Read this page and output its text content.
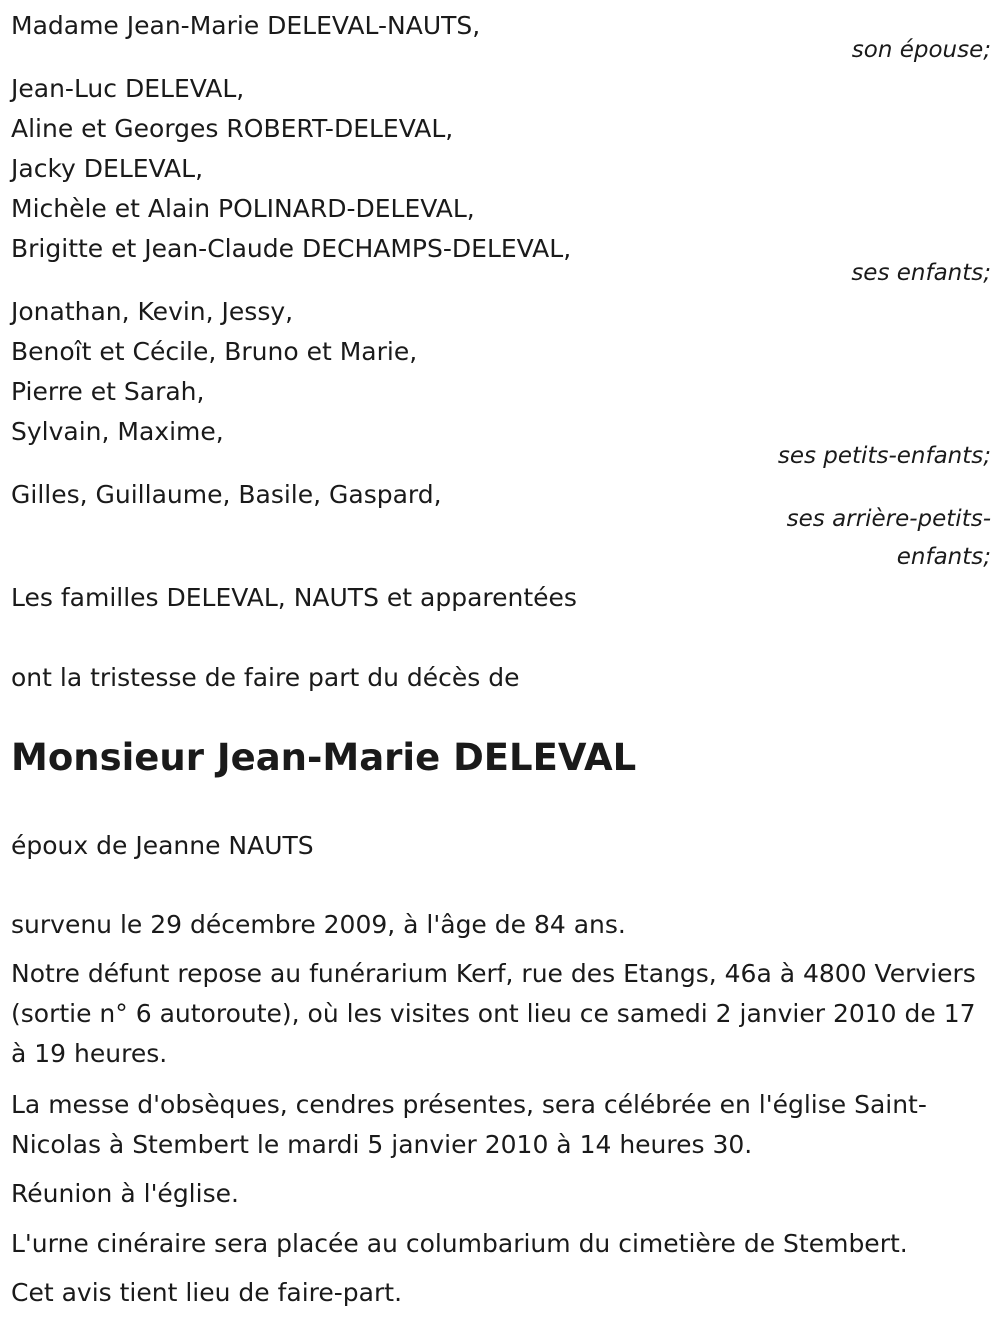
Madame Jean-Marie DELEVAL-NAUTS,
son épouse;
Jean-Luc DELEVAL,
Aline et Georges ROBERT-DELEVAL,
Jacky DELEVAL,
Michèle et Alain POLINARD-DELEVAL,
Brigitte et Jean-Claude DECHAMPS-DELEVAL,
ses enfants;
Jonathan, Kevin, Jessy,
Benoît et Cécile, Bruno et Marie,
Pierre et Sarah,
Sylvain, Maxime,
ses petits-enfants;
Gilles, Guillaume, Basile, Gaspard,
ses arrière-petits-
enfants;
Les familles DELEVAL, NAUTS et apparentées
ont la tristesse de faire part du décès de
Monsieur Jean-Marie DELEVAL
époux de Jeanne NAUTS
survenu le 29 décembre 2009, à l'âge de 84 ans.
Notre défunt repose au funérarium Kerf, rue des Etangs, 46a à 4800 Verviers (sortie n° 6 autoroute), où les visites ont lieu ce samedi 2 janvier 2010 de 17 à 19 heures.
La messe d'obsèques, cendres présentes, sera célébrée en l'église Saint-Nicolas à Stembert le mardi 5 janvier 2010 à 14 heures 30.
Réunion à l'église.
L'urne cinéraire sera placée au columbarium du cimetière de Stembert.
Cet avis tient lieu de faire-part.
